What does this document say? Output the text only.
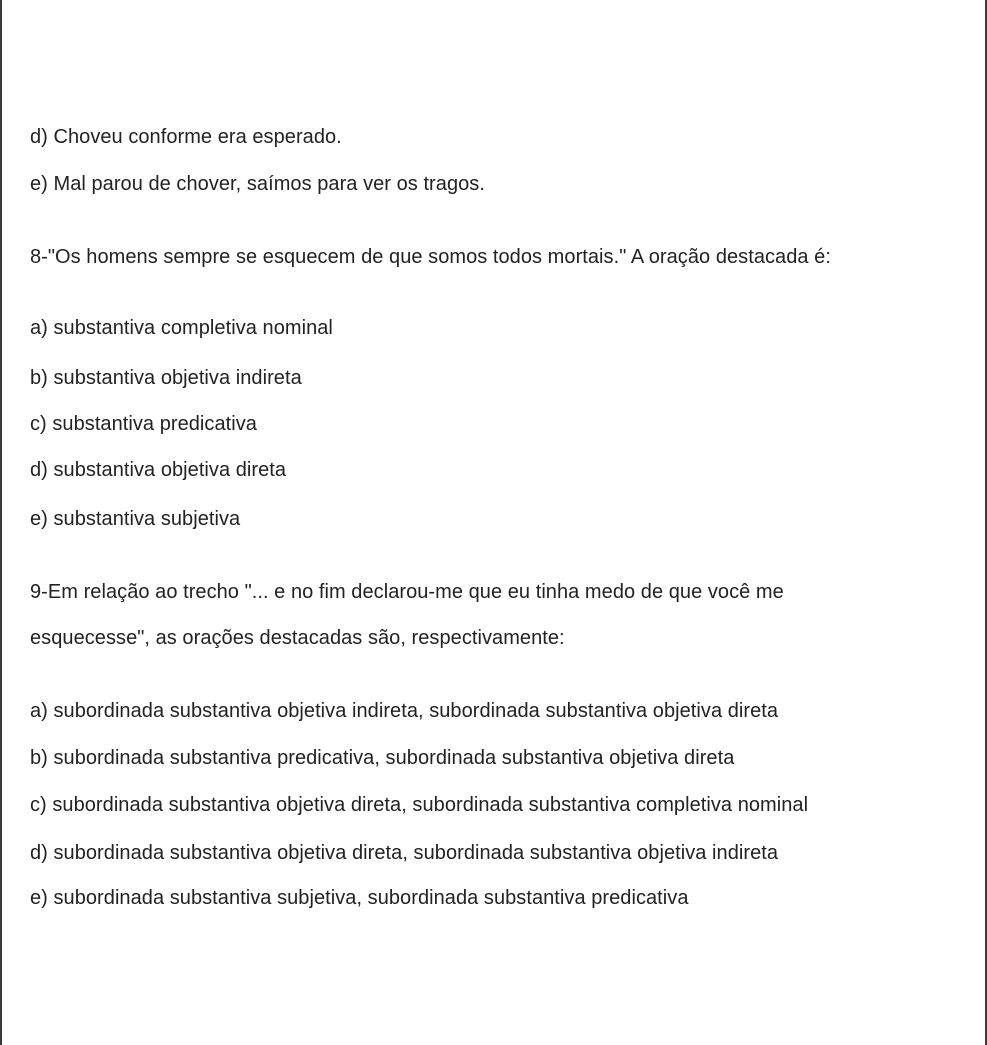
d) Choveu conforme era esperado.

e) Mal parou de chover, saímos para ver os tragos.

8-"Os homens sempre se esquecem de que somos todos mortais." A oração destacada é:

a) substantiva completiva nominal

b) substantiva objetiva indireta

c) substantiva predicativa

d) substantiva objetiva direta

e) substantiva subjetiva

9-Em relação ao trecho "... e no fim declarou-me que eu tinha medo de que você me

esquecesse", as orações destacadas são, respectivamente:

a) subordinada substantiva objetiva indireta, subordinada substantiva objetiva direta

b) subordinada substantiva predicativa, subordinada substantiva objetiva direta

c) subordinada substantiva objetiva direta, subordinada substantiva completiva nominal

d) subordinada substantiva objetiva direta, subordinada substantiva objetiva indireta

e) subordinada substantiva subjetiva, subordinada substantiva predicativa
